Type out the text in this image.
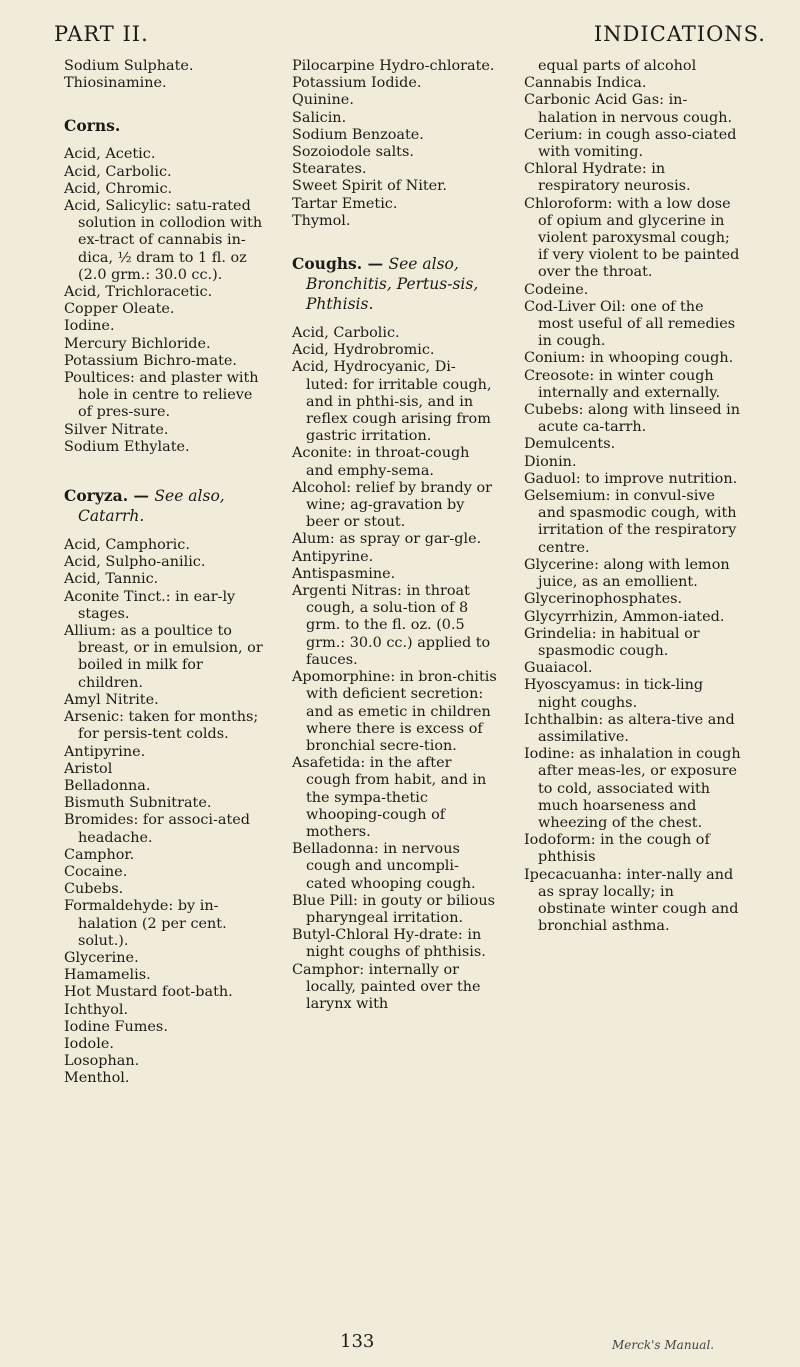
PART II.	INDICATIONS.

Sodium Sulphate.

Thiosinamine.

Corns.

Acid, Acetic.

Acid, Carbolic.

Acid, Chromic.

Acid, Salicylic: satu-rated solution in collodion with ex-tract of cannabis in-dica, ½ dram to 1 fl. oz (2.0 grm.: 30.0 cc.).

Acid, Trichloracetic.

Copper Oleate.

Iodine.

Mercury Bichloride.

Potassium Bichro-mate.

Poultices: and plaster with hole in centre to relieve of pres-sure.

Silver Nitrate.

Sodium Ethylate.

Coryza. — See also, Catarrh.

Acid, Camphoric.

Acid, Sulpho-anilic.

Acid, Tannic.

Aconite Tinct.: in ear-ly stages.

Allium: as a poultice to breast, or in emulsion, or boiled in milk for children.

Amyl Nitrite.

Arsenic: taken for months; for persis-tent colds.

Antipyrine.

Aristol

Belladonna.

Bismuth Subnitrate.

Bromides: for associ-ated headache.

Camphor.

Cocaine.

Cubebs.

Formaldehyde: by in-halation (2 per cent. solut.).

Glycerine.

Hamamelis.

Hot Mustard foot-bath.

Ichthyol.

Iodine Fumes.

Iodole.

Losophan.

Menthol.

Pilocarpine Hydro-chlorate.

Potassium Iodide.

Quinine.

Salicin.

Sodium Benzoate.

Sozoiodole salts.

Stearates.

Sweet Spirit of Niter.

Tartar Emetic.

Thymol.

Coughs. — See also, Bronchitis, Pertus-sis, Phthisis.

Acid, Carbolic.

Acid, Hydrobromic.

Acid, Hydrocyanic, Di-luted: for irritable cough, and in phthi-sis, and in reflex cough arising from gastric irritation.

Aconite: in throat-cough and emphy-sema.

Alcohol: relief by brandy or wine; ag-gravation by beer or stout.

Alum: as spray or gar-gle.

Antipyrine.

Antispasmine.

Argenti Nitras: in throat cough, a solu-tion of 8 grm. to the fl. oz. (0.5 grm.: 30.0 cc.) applied to fauces.

Apomorphine: in bron-chitis with deficient secretion: and as emetic in children where there is excess of bronchial secre-tion.

Asafetida: in the after cough from habit, and in the sympa-thetic whooping-cough of mothers.

Belladonna: in nervous cough and uncompli-cated whooping cough.

Blue Pill: in gouty or bilious pharyngeal irritation.

Butyl-Chloral Hy-drate: in night coughs of phthisis.

Camphor: internally or locally, painted over the larynx with

equal parts of alcohol

Cannabis Indica.

Carbonic Acid Gas: in-halation in nervous cough.

Cerium: in cough asso-ciated with vomiting.

Chloral Hydrate: in respiratory neurosis.

Chloroform: with a low dose of opium and glycerine in violent paroxysmal cough; if very violent to be painted over the throat.

Codeine.

Cod-Liver Oil: one of the most useful of all remedies in cough.

Conium: in whooping cough.

Creosote: in winter cough internally and externally.

Cubebs: along with linseed in acute ca-tarrh.

Demulcents.

Dionin.

Gaduol: to improve nutrition.

Gelsemium: in convul-sive and spasmodic cough, with irritation of the respiratory centre.

Glycerine: along with lemon juice, as an emollient.

Glycerinophosphates.

Glycyrrhizin, Ammon-iated.

Grindelia: in habitual or spasmodic cough.

Guaiacol.

Hyoscyamus: in tick-ling night coughs.

Ichthalbin: as altera-tive and assimilative.

Iodine: as inhalation in cough after meas-les, or exposure to cold, associated with much hoarseness and wheezing of the chest.

Iodoform: in the cough of phthisis

Ipecacuanha: inter-nally and as spray locally; in obstinate winter cough and bronchial asthma.

133	Merck's Manual.
